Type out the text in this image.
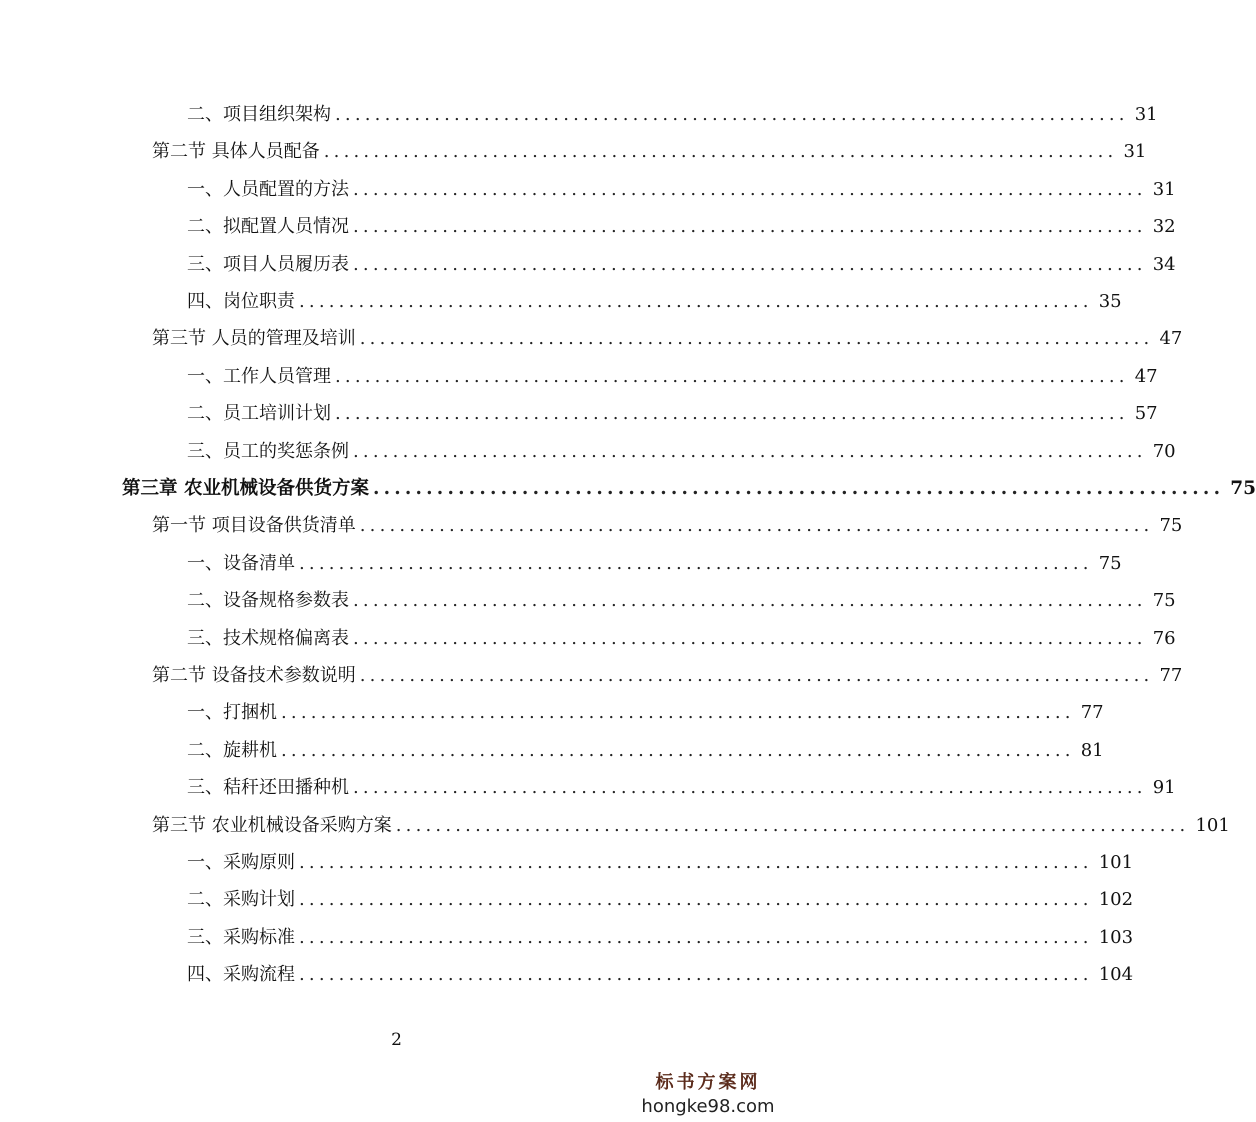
二、项目组织架构 ................................................................................ 31
第二节 具体人员配备 ................................................................................ 31
一、人员配置的方法 ................................................................................ 31
二、拟配置人员情况 ................................................................................ 32
三、项目人员履历表 ................................................................................ 34
四、岗位职责 ................................................................................ 35
第三节 人员的管理及培训 ................................................................................ 47
一、工作人员管理 ................................................................................ 47
二、员工培训计划 ................................................................................ 57
三、员工的奖惩条例 ................................................................................ 70
第三章 农业机械设备供货方案 ................................................................................ 75
第一节 项目设备供货清单 ................................................................................ 75
一、设备清单 ................................................................................ 75
二、设备规格参数表 ................................................................................ 75
三、技术规格偏离表 ................................................................................ 76
第二节 设备技术参数说明 ................................................................................ 77
一、打捆机 ................................................................................ 77
二、旋耕机 ................................................................................ 81
三、秸秆还田播种机 ................................................................................ 91
第三节 农业机械设备采购方案 ................................................................................ 101
一、采购原则 ................................................................................ 101
二、采购计划 ................................................................................ 102
三、采购标准 ................................................................................ 103
四、采购流程 ................................................................................ 104
2
标书方案网
hongke98.com
